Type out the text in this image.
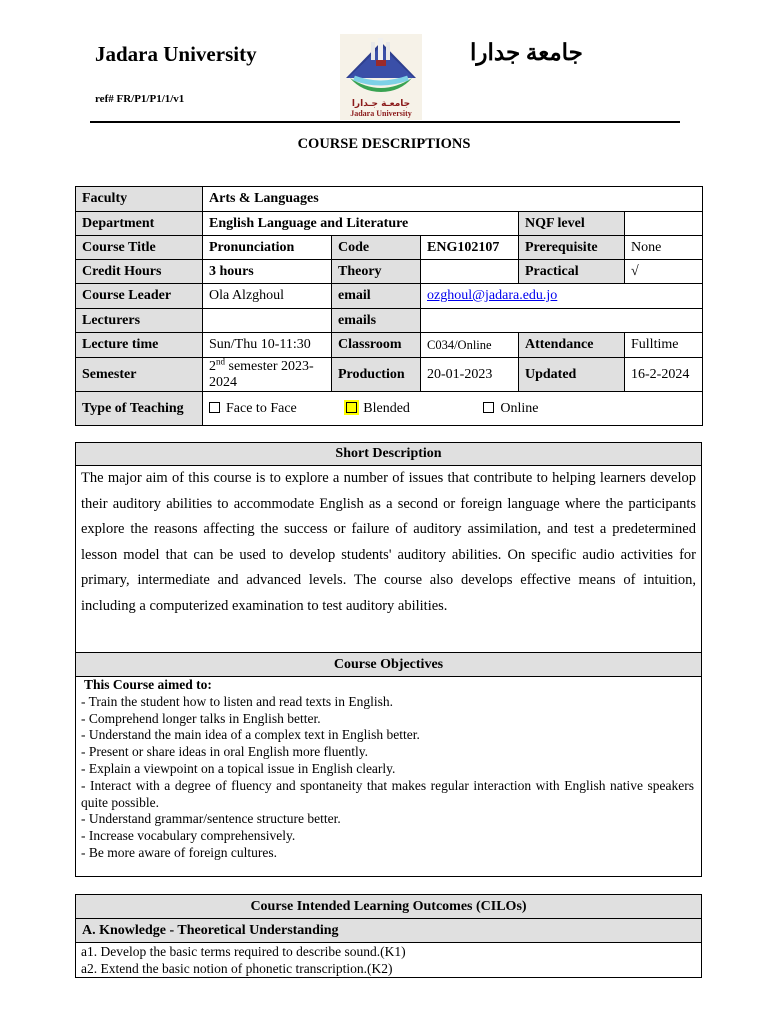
Jadara University
ref# FR/P1/P1/1/v1
جامعة جدارا
جامعـة جـدارا
Jadara University
COURSE DESCRIPTIONS
Faculty	Arts & Languages				
Department	English Language and Literature			NQF level	
Course Title	Pronunciation	Code	ENG102107	Prerequisite	None
Credit Hours	3 hours	Theory		Practical	√
Course Leader	Ola Alzghoul	email	ozghoul@jadara.edu.jo		
Lecturers		emails			
Lecture time	Sun/Thu 10-11:30	Classroom	C034/Online	Attendance	Fulltime
Semester	2nd semester 2023-2024	Production	20-01-2023	Updated	16-2-2024
Type of Teaching	Face to Face Blended Online				
Short Description
The major aim of this course is to explore a number of issues that contribute to helping learners develop their auditory abilities to accommodate English as a second or foreign language where the participants explore the reasons affecting the success or failure of auditory assimilation, and test a predetermined lesson model that can be used to develop students' auditory abilities. On specific audio activities for primary, intermediate and advanced levels. The course also develops effective means of intuition, including a computerized examination to test auditory abilities.
Course Objectives
This Course aimed to:
- Train the student how to listen and read texts in English.
- Comprehend longer talks in English better.
- Understand the main idea of a complex text in English better.
- Present or share ideas in oral English more fluently.
- Explain a viewpoint on a topical issue in English clearly.
- Interact with a degree of fluency and spontaneity that makes regular interaction with English native speakers quite possible.
- Understand grammar/sentence structure better.
- Increase vocabulary comprehensively.
- Be more aware of foreign cultures.
Course Intended Learning Outcomes (CILOs)
A. Knowledge - Theoretical Understanding
a1. Develop the basic terms required to describe sound.(K1)
a2. Extend the basic notion of phonetic transcription.(K2)
